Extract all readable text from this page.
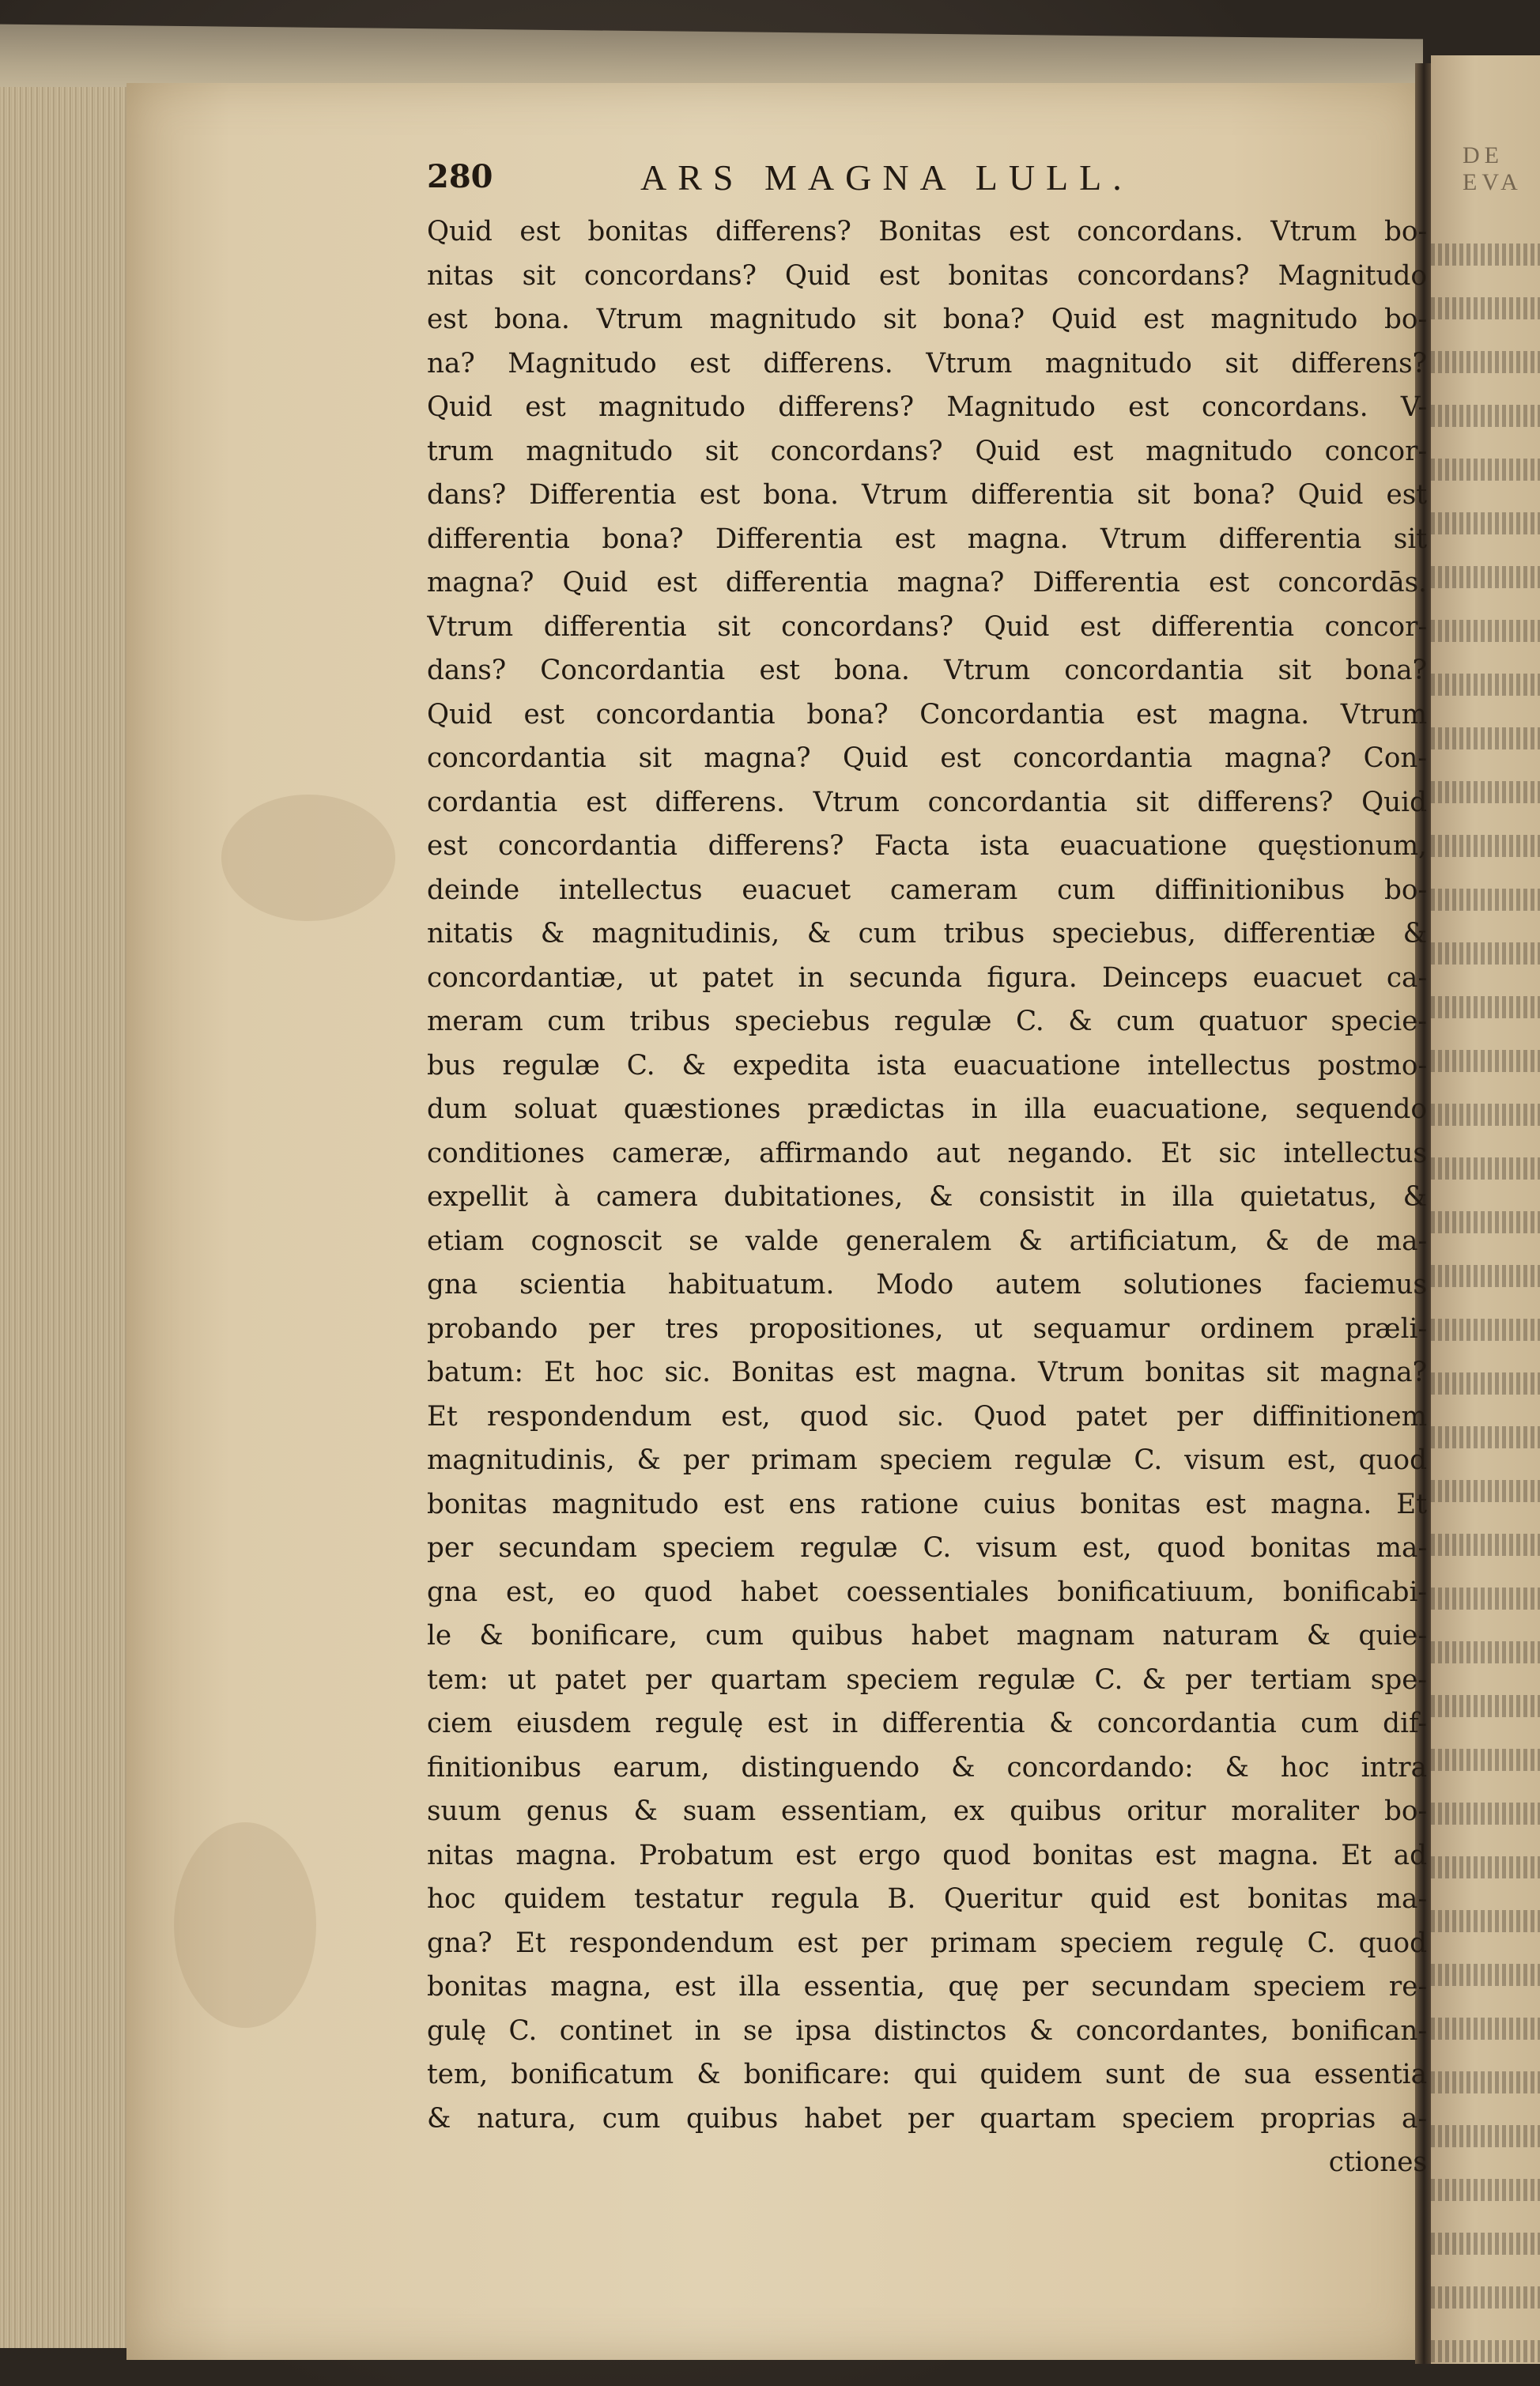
DE EVA
280	ARS MAGNA LULL.
Quid est bonitas differens? Bonitas est concordans. Vtrum bo-
nitas sit concordans? Quid est bonitas concordans? Magnitudo
est bona. Vtrum magnitudo sit bona? Quid est magnitudo bo-
na? Magnitudo est differens. Vtrum magnitudo sit differens?
Quid est magnitudo differens? Magnitudo est concordans. V-
trum magnitudo sit concordans? Quid est magnitudo concor-
dans? Differentia est bona. Vtrum differentia sit bona? Quid est
differentia bona? Differentia est magna. Vtrum differentia sit
magna? Quid est differentia magna? Differentia est concordās.
Vtrum differentia sit concordans? Quid est differentia concor-
dans? Concordantia est bona. Vtrum concordantia sit bona?
Quid est concordantia bona? Concordantia est magna. Vtrum
concordantia sit magna? Quid est concordantia magna? Con-
cordantia est differens. Vtrum concordantia sit differens? Quid
est concordantia differens? Facta ista euacuatione quęstionum,
deinde intellectus euacuet cameram cum diffinitionibus bo-
nitatis & magnitudinis, & cum tribus speciebus, differentiæ &
concordantiæ, ut patet in secunda figura. Deinceps euacuet ca-
meram cum tribus speciebus regulæ C. & cum quatuor specie-
bus regulæ C. & expedita ista euacuatione intellectus postmo-
dum soluat quæstiones prædictas in illa euacuatione, sequendo
conditiones cameræ, affirmando aut negando. Et sic intellectus
expellit à camera dubitationes, & consistit in illa quietatus, &
etiam cognoscit se valde generalem & artificiatum, & de ma-
gna scientia habituatum. Modo autem solutiones faciemus
probando per tres propositiones, ut sequamur ordinem præli-
batum: Et hoc sic. Bonitas est magna. Vtrum bonitas sit magna?
Et respondendum est, quod sic. Quod patet per diffinitionem
magnitudinis, & per primam speciem regulæ C. visum est, quod
bonitas magnitudo est ens ratione cuius bonitas est magna. Et
per secundam speciem regulæ C. visum est, quod bonitas ma-
gna est, eo quod habet coessentiales bonificatiuum, bonificabi-
le & bonificare, cum quibus habet magnam naturam & quie-
tem: ut patet per quartam speciem regulæ C. & per tertiam spe-
ciem eiusdem regulę est in differentia & concordantia cum dif-
finitionibus earum, distinguendo & concordando: & hoc intra
suum genus & suam essentiam, ex quibus oritur moraliter bo-
nitas magna. Probatum est ergo quod bonitas est magna. Et ad
hoc quidem testatur regula B. Queritur quid est bonitas ma-
gna? Et respondendum est per primam speciem regulę C. quod
bonitas magna, est illa essentia, quę per secundam speciem re-
gulę C. continet in se ipsa distinctos & concordantes, bonifican-
tem, bonificatum & bonificare: qui quidem sunt de sua essentia
& natura, cum quibus habet per quartam speciem proprias a-
ctiones
